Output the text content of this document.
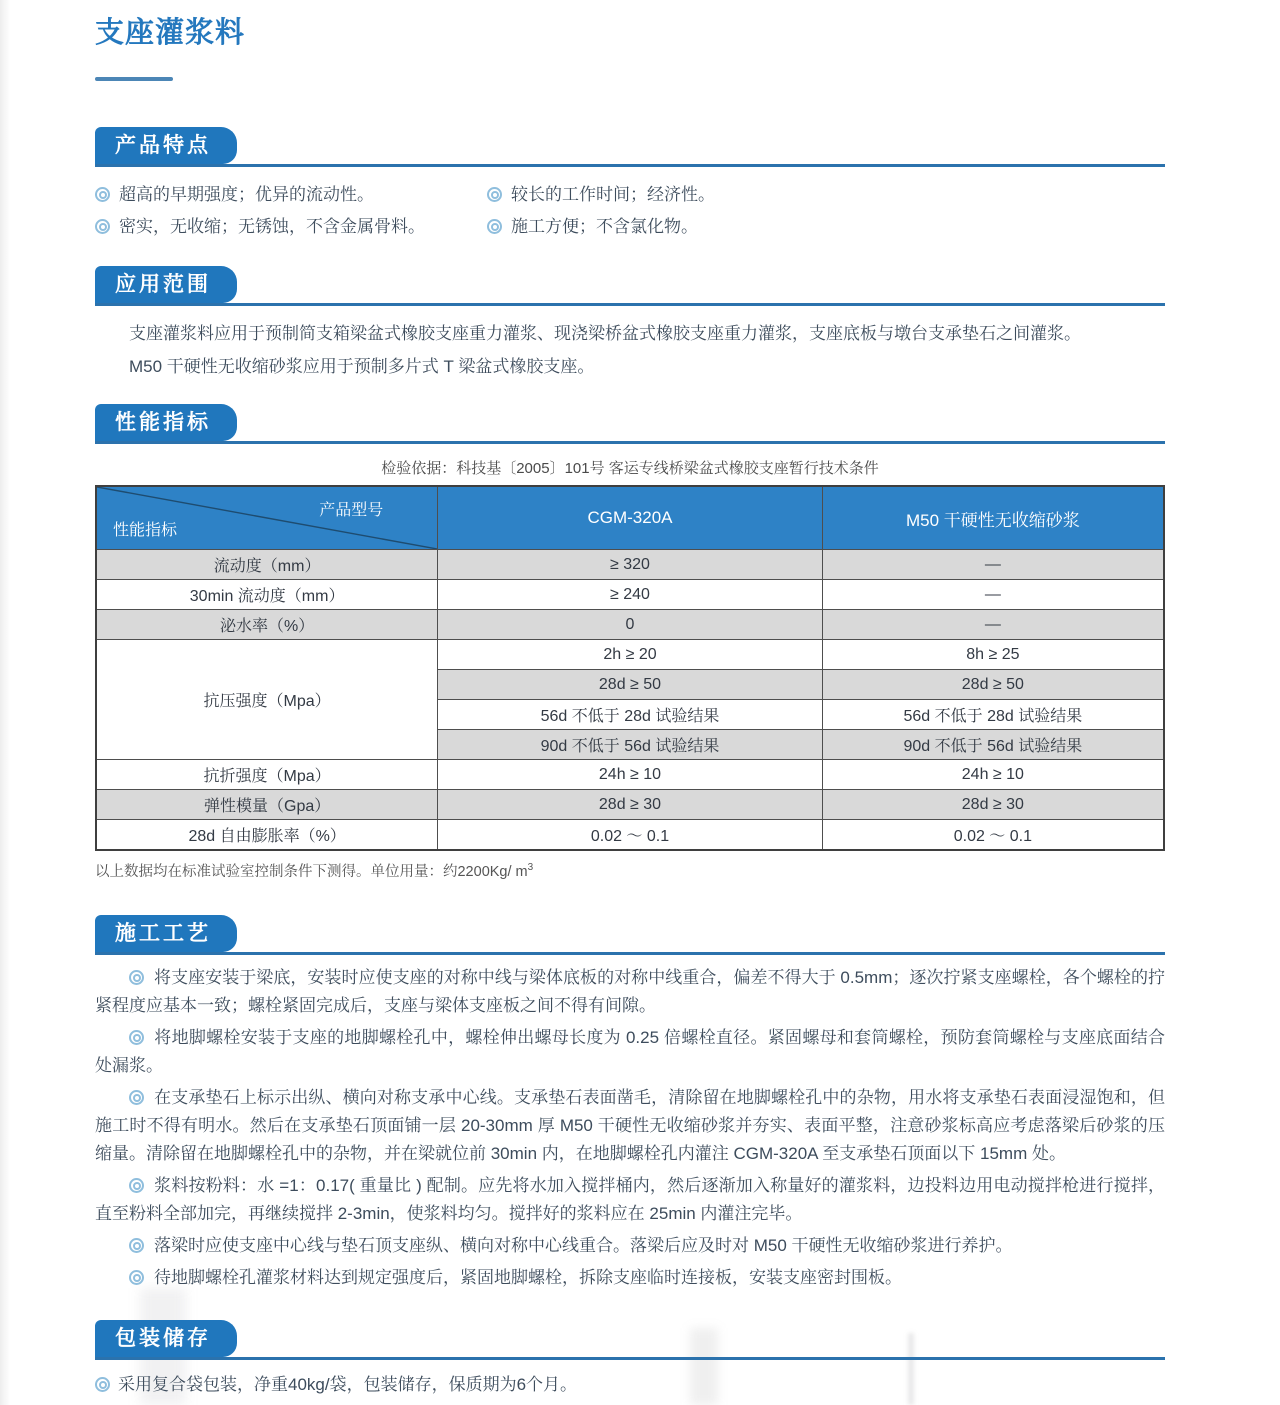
支座灌浆料
产品特点
超高的早期强度；优异的流动性。	较长的工作时间；经济性。
密实，无收缩；无锈蚀，不含金属骨料。	施工方便；不含氯化物。
应用范围
支座灌浆料应用于预制简支箱梁盆式橡胶支座重力灌浆、现浇梁桥盆式橡胶支座重力灌浆，支座底板与墩台支承垫石之间灌浆。
M50 干硬性无收缩砂浆应用于预制多片式 T 梁盆式橡胶支座。
性能指标
检验依据：科技基〔2005〕101号 客运专线桥梁盆式橡胶支座暂行技术条件
产品型号
性能指标	CGM-320A	M50 干硬性无收缩砂浆
流动度（mm）	≥ 320	—
30min 流动度（mm）	≥ 240	—
泌水率（%）	0	—
抗压强度（Mpa）	2h ≥ 20	8h ≥ 25
	28d ≥ 50	28d ≥ 50
	56d 不低于 28d 试验结果	56d 不低于 28d 试验结果
	90d 不低于 56d 试验结果	90d 不低于 56d 试验结果
抗折强度（Mpa）	24h ≥ 10	24h ≥ 10
弹性模量（Gpa）	28d ≥ 30	28d ≥ 30
28d 自由膨胀率（%）	0.02 ～ 0.1	0.02 ～ 0.1
以上数据均在标准试验室控制条件下测得。单位用量：约2200Kg/ $m^3$
施工工艺

将支座安装于梁底，安装时应使支座的对称中线与梁体底板的对称中线重合，偏差不得大于 0.5mm；逐次拧紧支座螺栓，各个螺栓的拧紧程度应基本一致；螺栓紧固完成后，支座与梁体支座板之间不得有间隙。

将地脚螺栓安装于支座的地脚螺栓孔中，螺栓伸出螺母长度为 0.25 倍螺栓直径。紧固螺母和套筒螺栓，预防套筒螺栓与支座底面结合处漏浆。

在支承垫石上标示出纵、横向对称支承中心线。支承垫石表面凿毛，清除留在地脚螺栓孔中的杂物，用水将支承垫石表面浸湿饱和，但施工时不得有明水。然后在支承垫石顶面铺一层 20-30mm 厚 M50 干硬性无收缩砂浆并夯实、表面平整，注意砂浆标高应考虑落梁后砂浆的压缩量。清除留在地脚螺栓孔中的杂物，并在梁就位前 30min 内，在地脚螺栓孔内灌注 CGM-320A 至支承垫石顶面以下 15mm 处。

浆料按粉料：水 =1：0.17( 重量比 ) 配制。应先将水加入搅拌桶内，然后逐渐加入称量好的灌浆料，边投料边用电动搅拌枪进行搅拌，直至粉料全部加完，再继续搅拌 2-3min，使浆料均匀。搅拌好的浆料应在 25min 内灌注完毕。

落梁时应使支座中心线与垫石顶支座纵、横向对称中心线重合。落梁后应及时对 M50 干硬性无收缩砂浆进行养护。

待地脚螺栓孔灌浆材料达到规定强度后，紧固地脚螺栓，拆除支座临时连接板，安装支座密封围板。

包装储存
采用复合袋包装，净重40kg/袋，包装储存，保质期为6个月。
